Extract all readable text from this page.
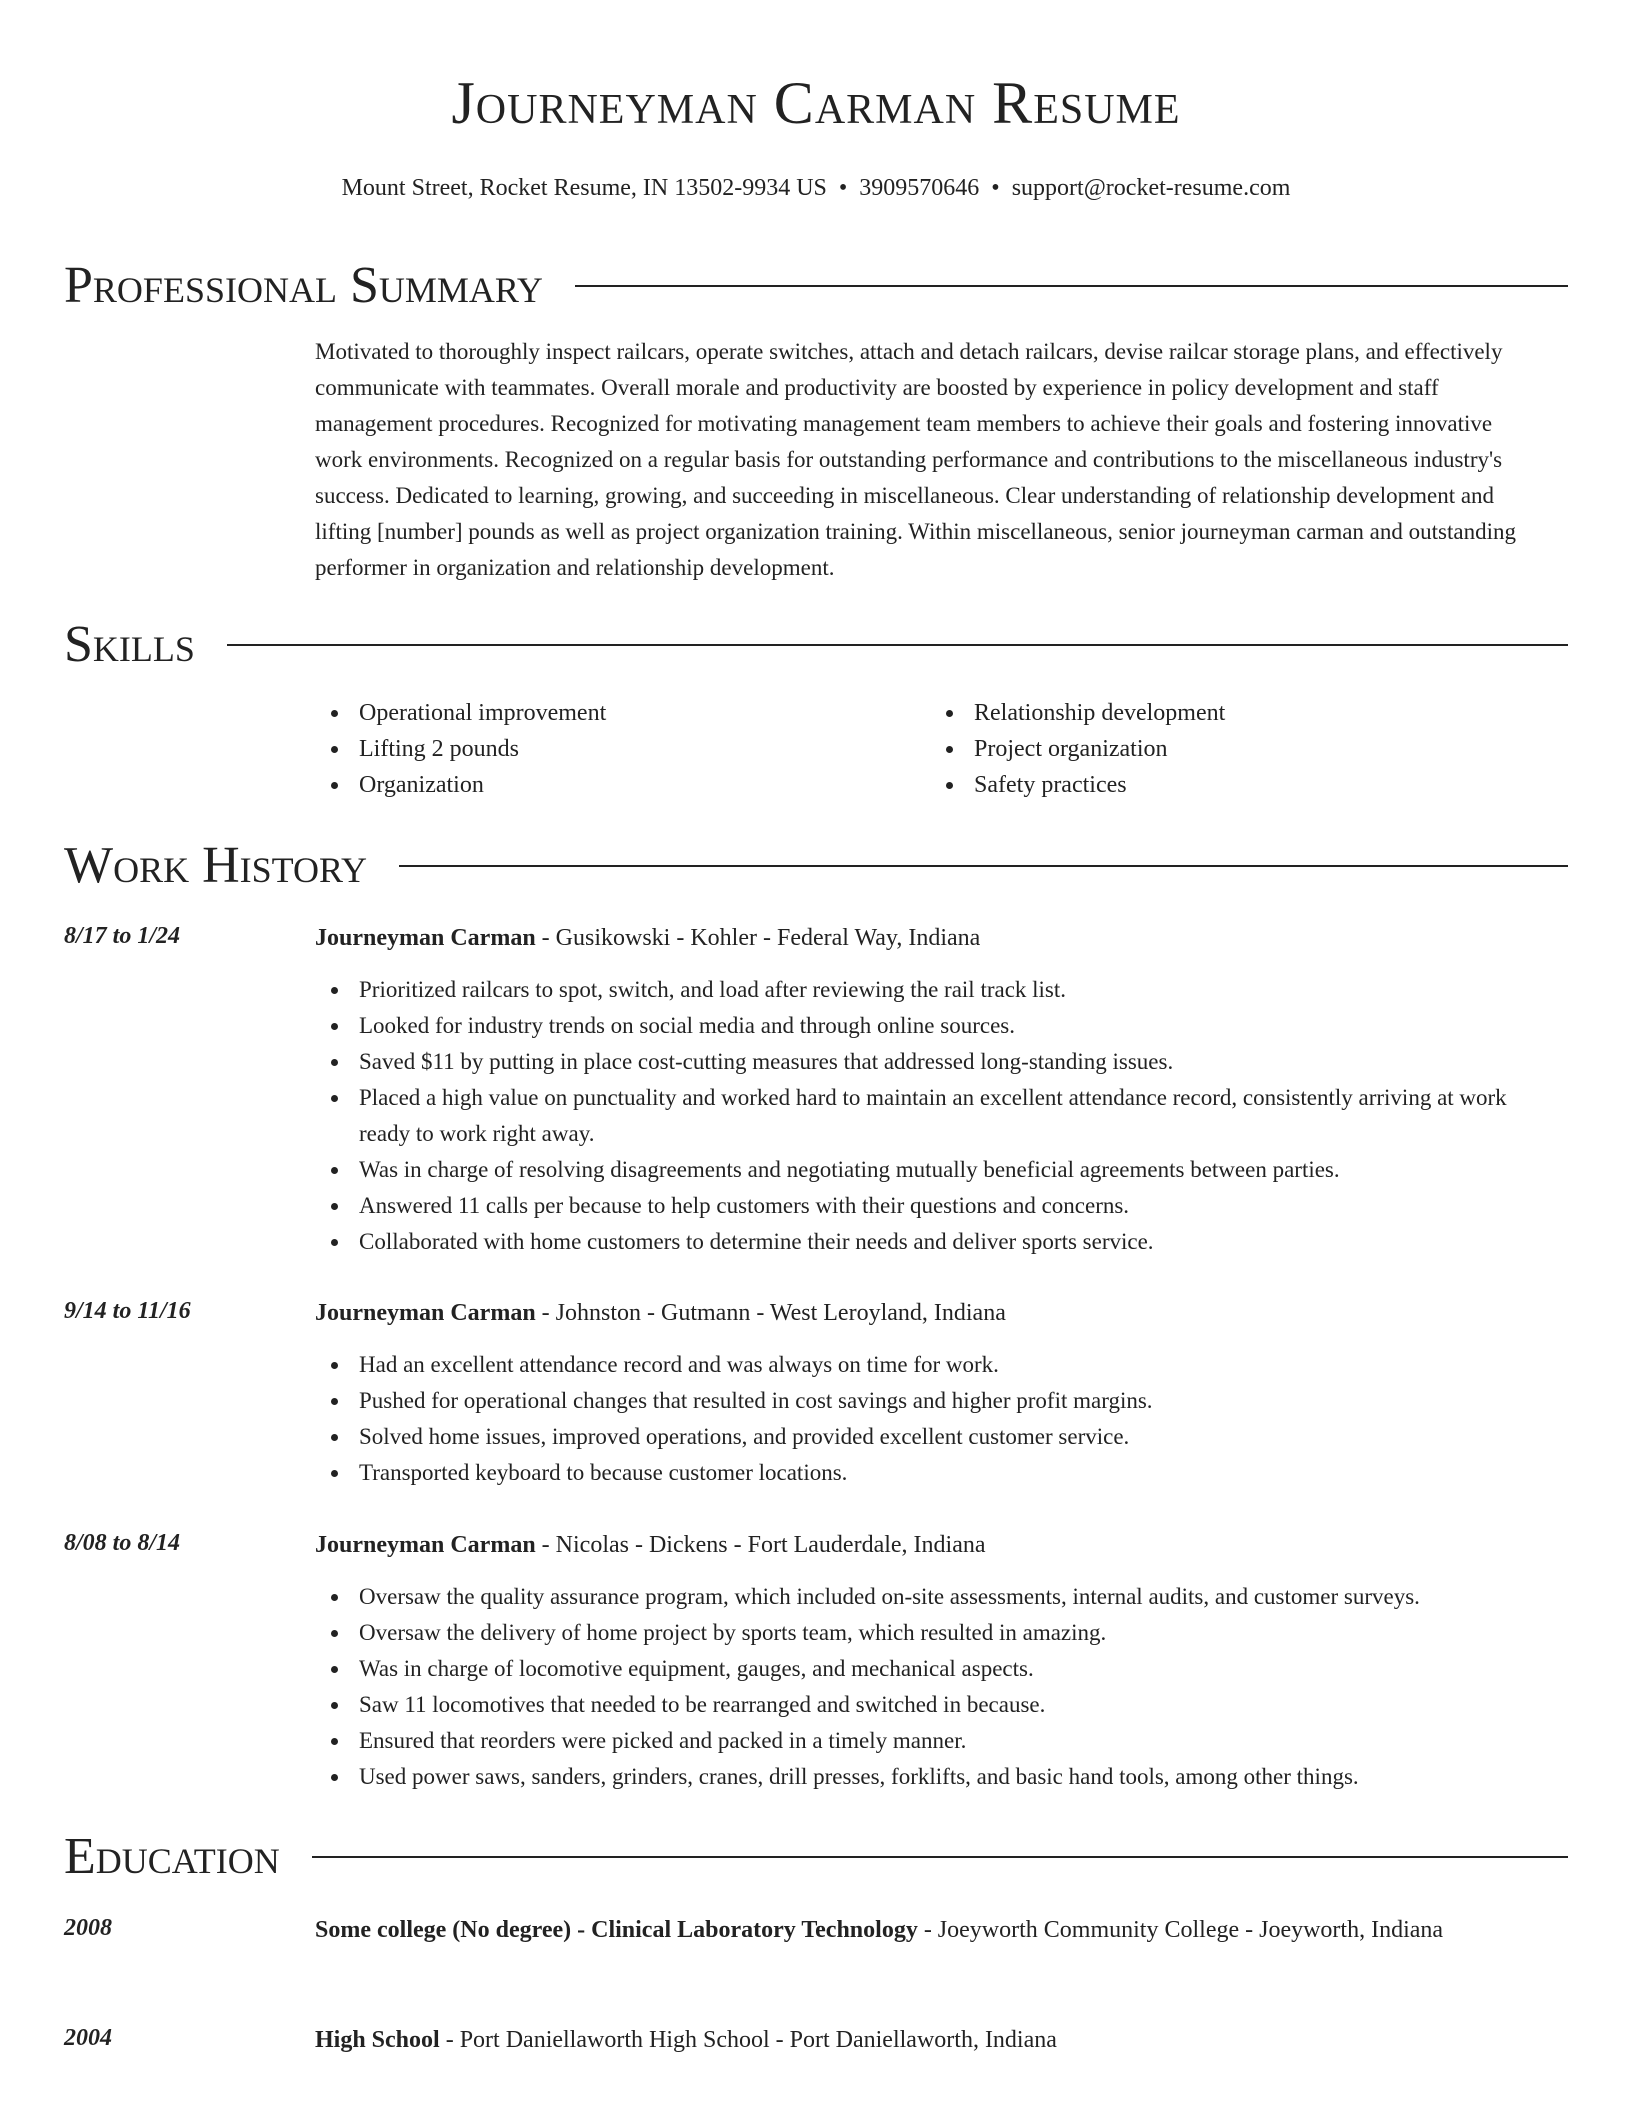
Journeyman Carman Resume
Mount Street, Rocket Resume, IN 13502-9934 US • 3909570646 • support@rocket-resume.com
Professional Summary

Motivated to thoroughly inspect railcars, operate switches, attach and detach railcars, devise railcar storage plans, and effectively communicate with teammates. Overall morale and productivity are boosted by experience in policy development and staff management procedures. Recognized for motivating management team members to achieve their goals and fostering innovative work environments. Recognized on a regular basis for outstanding performance and contributions to the miscellaneous industry's success. Dedicated to learning, growing, and succeeding in miscellaneous. Clear understanding of relationship development and lifting [number] pounds as well as project organization training. Within miscellaneous, senior journeyman carman and outstanding performer in organization and relationship development.

Skills
Operational improvement
Lifting 2 pounds
Organization
Relationship development
Project organization
Safety practices
Work History
8/17 to 1/24	Journeyman Carman - Gusikowski - Kohler - Federal Way, Indiana
Prioritized railcars to spot, switch, and load after reviewing the rail track list.
Looked for industry trends on social media and through online sources.
Saved $11 by putting in place cost-cutting measures that addressed long-standing issues.
Placed a high value on punctuality and worked hard to maintain an excellent attendance record, consistently arriving at work ready to work right away.
Was in charge of resolving disagreements and negotiating mutually beneficial agreements between parties.
Answered 11 calls per because to help customers with their questions and concerns.
Collaborated with home customers to determine their needs and deliver sports service.
9/14 to 11/16	Journeyman Carman - Johnston - Gutmann - West Leroyland, Indiana
Had an excellent attendance record and was always on time for work.
Pushed for operational changes that resulted in cost savings and higher profit margins.
Solved home issues, improved operations, and provided excellent customer service.
Transported keyboard to because customer locations.
8/08 to 8/14	Journeyman Carman - Nicolas - Dickens - Fort Lauderdale, Indiana
Oversaw the quality assurance program, which included on-site assessments, internal audits, and customer surveys.
Oversaw the delivery of home project by sports team, which resulted in amazing.
Was in charge of locomotive equipment, gauges, and mechanical aspects.
Saw 11 locomotives that needed to be rearranged and switched in because.
Ensured that reorders were picked and packed in a timely manner.
Used power saws, sanders, grinders, cranes, drill presses, forklifts, and basic hand tools, among other things.
Education
2008	Some college (No degree) - Clinical Laboratory Technology - Joeyworth Community College - Joeyworth, Indiana
2004	High School - Port Daniellaworth High School - Port Daniellaworth, Indiana
